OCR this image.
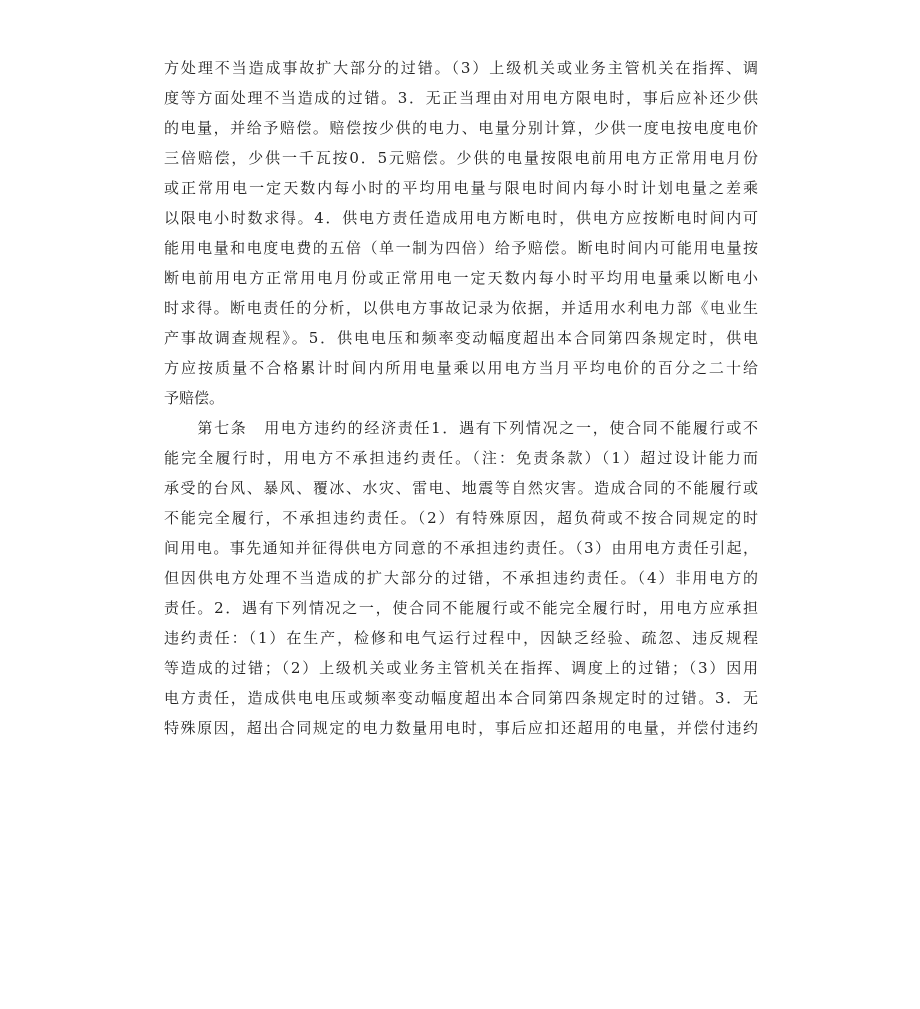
方处理不当造成事故扩大部分的过错。（3）上级机关或业务主管机关在指挥、调
度等方面处理不当造成的过错。3．无正当理由对用电方限电时，事后应补还少供
的电量，并给予赔偿。赔偿按少供的电力、电量分别计算，少供一度电按电度电价
三倍赔偿，少供一千瓦按0．5元赔偿。少供的电量按限电前用电方正常用电月份
或正常用电一定天数内每小时的平均用电量与限电时间内每小时计划电量之差乘
以限电小时数求得。4．供电方责任造成用电方断电时，供电方应按断电时间内可
能用电量和电度电费的五倍（单一制为四倍）给予赔偿。断电时间内可能用电量按
断电前用电方正常用电月份或正常用电一定天数内每小时平均用电量乘以断电小
时求得。断电责任的分析，以供电方事故记录为依据，并适用水利电力部《电业生
产事故调查规程》。5．供电电压和频率变动幅度超出本合同第四条规定时，供电
方应按质量不合格累计时间内所用电量乘以用电方当月平均电价的百分之二十给
予赔偿。
　　第七条　用电方违约的经济责任1．遇有下列情况之一，使合同不能履行或不
能完全履行时，用电方不承担违约责任。（注：免责条款）（1）超过设计能力而
承受的台风、暴风、覆冰、水灾、雷电、地震等自然灾害。造成合同的不能履行或
不能完全履行，不承担违约责任。（2）有特殊原因，超负荷或不按合同规定的时
间用电。事先通知并征得供电方同意的不承担违约责任。（3）由用电方责任引起，
但因供电方处理不当造成的扩大部分的过错，不承担违约责任。（4）非用电方的
责任。2．遇有下列情况之一，使合同不能履行或不能完全履行时，用电方应承担
违约责任：（1）在生产，检修和电气运行过程中，因缺乏经验、疏忽、违反规程
等造成的过错；（2）上级机关或业务主管机关在指挥、调度上的过错；（3）因用
电方责任，造成供电电压或频率变动幅度超出本合同第四条规定时的过错。3．无
特殊原因，超出合同规定的电力数量用电时，事后应扣还超用的电量，并偿付违约
